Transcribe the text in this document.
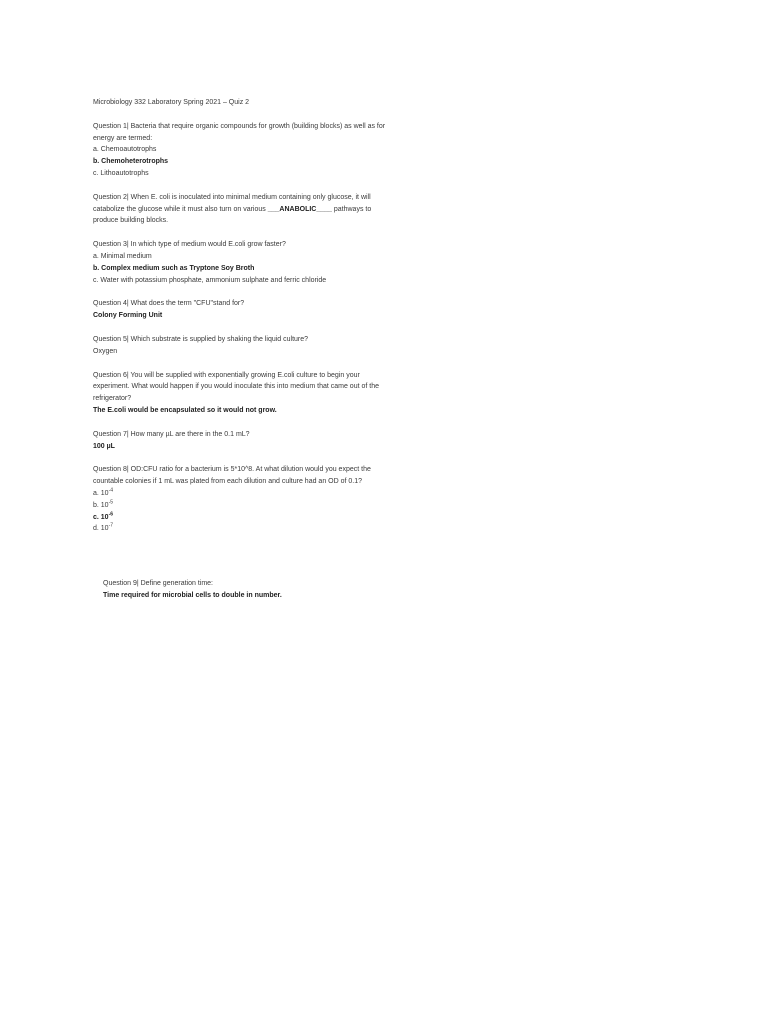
Microbiology 332 Laboratory Spring 2021 – Quiz 2
Question 1| Bacteria that require organic compounds for growth (building blocks) as well as for
energy are termed:
a. Chemoautotrophs
b. Chemoheterotrophs
c. Lithoautotrophs
Question 2| When E. coli is inoculated into minimal medium containing only glucose, it will
catabolize the glucose while it must also turn on various ___ANABOLIC____ pathways to
produce building blocks.
Question 3| In which type of medium would E.coli grow faster?
a. Minimal medium
b. Complex medium such as Tryptone Soy Broth
c. Water with potassium phosphate, ammonium sulphate and ferric chloride
Question 4| What does the term "CFU"stand for?
Colony Forming Unit
Question 5| Which substrate is supplied by shaking the liquid culture?
Oxygen
Question 6| You will be supplied with exponentially growing E.coli culture to begin your
experiment. What would happen if you would inoculate this into medium that came out of the
refrigerator?
The E.coli would be encapsulated so it would not grow.
Question 7| How many µL are there in the 0.1 mL?
100 µL
Question 8| OD:CFU ratio for a bacterium is 5*10^8. At what dilution would you expect the
countable colonies if 1 mL was plated from each dilution and culture had an OD of 0.1?
a. $10^{-4}$
b. $10^{-5}$
c. $10^{-6}$
d. $10^{-7}$
Question 9| Define generation time:
Time required for microbial cells to double in number.
